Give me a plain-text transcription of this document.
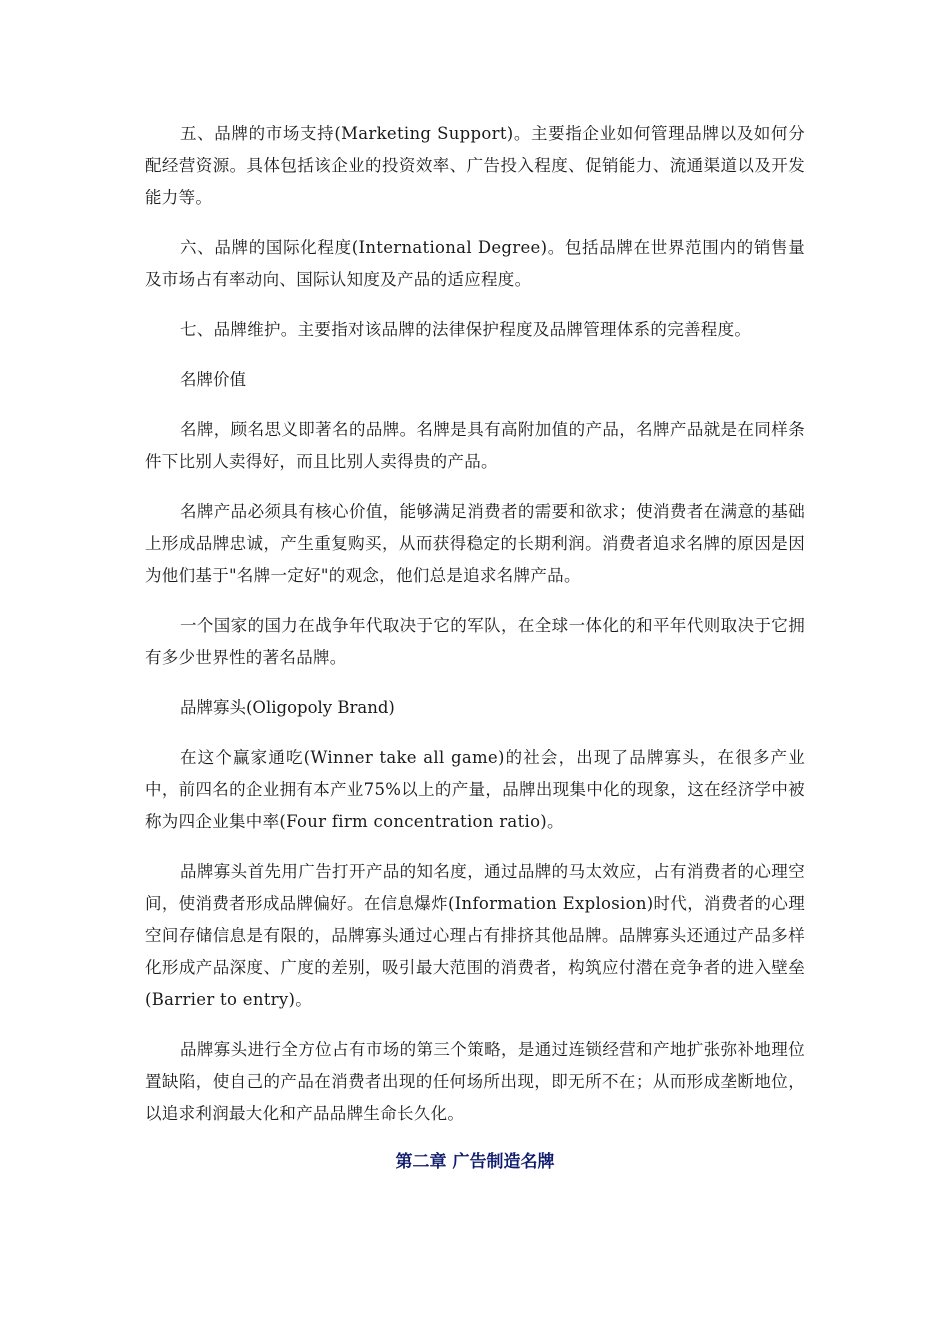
五、品牌的市场支持(Marketing Support)。主要指企业如何管理品牌以及如何分配经营资源。具体包括该企业的投资效率、广告投入程度、促销能力、流通渠道以及开发能力等。

六、品牌的国际化程度(International Degree)。包括品牌在世界范围内的销售量及市场占有率动向、国际认知度及产品的适应程度。

七、品牌维护。主要指对该品牌的法律保护程度及品牌管理体系的完善程度。

名牌价值

名牌，顾名思义即著名的品牌。名牌是具有高附加值的产品，名牌产品就是在同样条件下比别人卖得好，而且比别人卖得贵的产品。

名牌产品必须具有核心价值，能够满足消费者的需要和欲求；使消费者在满意的基础上形成品牌忠诚，产生重复购买，从而获得稳定的长期利润。消费者追求名牌的原因是因为他们基于"名牌一定好"的观念，他们总是追求名牌产品。

一个国家的国力在战争年代取决于它的军队，在全球一体化的和平年代则取决于它拥有多少世界性的著名品牌。

品牌寡头(Oligopoly Brand)

在这个赢家通吃(Winner take all game)的社会，出现了品牌寡头，在很多产业中，前四名的企业拥有本产业75%以上的产量，品牌出现集中化的现象，这在经济学中被称为四企业集中率(Four firm concentration ratio)。

品牌寡头首先用广告打开产品的知名度，通过品牌的马太效应，占有消费者的心理空间，使消费者形成品牌偏好。在信息爆炸(Information Explosion)时代，消费者的心理空间存储信息是有限的，品牌寡头通过心理占有排挤其他品牌。品牌寡头还通过产品多样化形成产品深度、广度的差别，吸引最大范围的消费者，构筑应付潜在竞争者的进入壁垒(Barrier to entry)。

品牌寡头进行全方位占有市场的第三个策略，是通过连锁经营和产地扩张弥补地理位置缺陷，使自己的产品在消费者出现的任何场所出现，即无所不在；从而形成垄断地位，以追求利润最大化和产品品牌生命长久化。

第二章 广告制造名牌
